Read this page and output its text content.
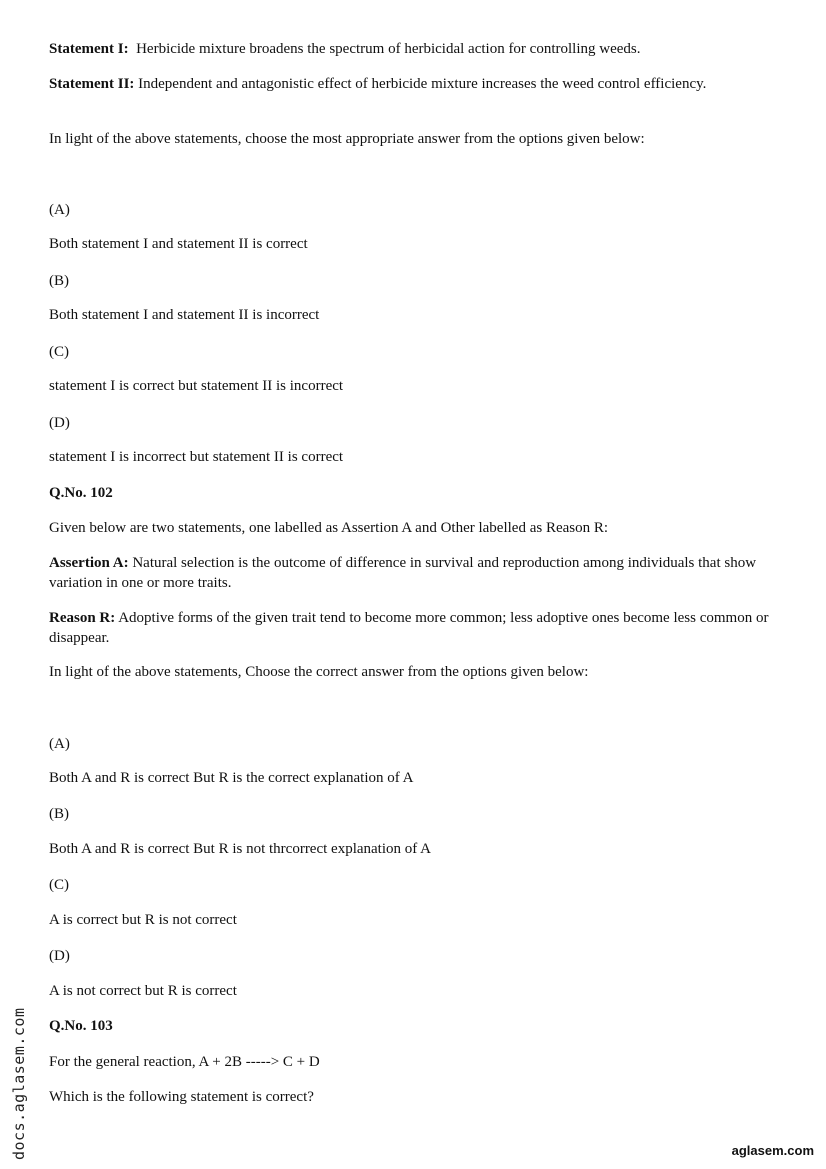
Statement I: Herbicide mixture broadens the spectrum of herbicidal action for controlling weeds.
Statement II: Independent and antagonistic effect of herbicide mixture increases the weed control efficiency.
In light of the above statements, choose the most appropriate answer from the options given below:
(A)
Both statement I and statement II is correct
(B)
Both statement I and statement II is incorrect
(C)
statement I is correct but statement II is incorrect
(D)
statement I is incorrect but statement II is correct
Q.No. 102
Given below are two statements, one labelled as Assertion A and Other labelled as Reason R:
Assertion A: Natural selection is the outcome of difference in survival and reproduction among individuals that show variation in one or more traits.
Reason R: Adoptive forms of the given trait tend to become more common; less adoptive ones become less common or disappear.
In light of the above statements, Choose the correct answer from the options given below:
(A)
Both A and R is correct But R is the correct explanation of A
(B)
Both A and R is correct But R is not thrcorrect explanation of A
(C)
A is correct but R is not correct
(D)
A is not correct but R is correct
Q.No. 103
For the general reaction, A + 2B -----> C + D
Which is the following statement is correct?
docs.aglasem.com	aglasem.com
